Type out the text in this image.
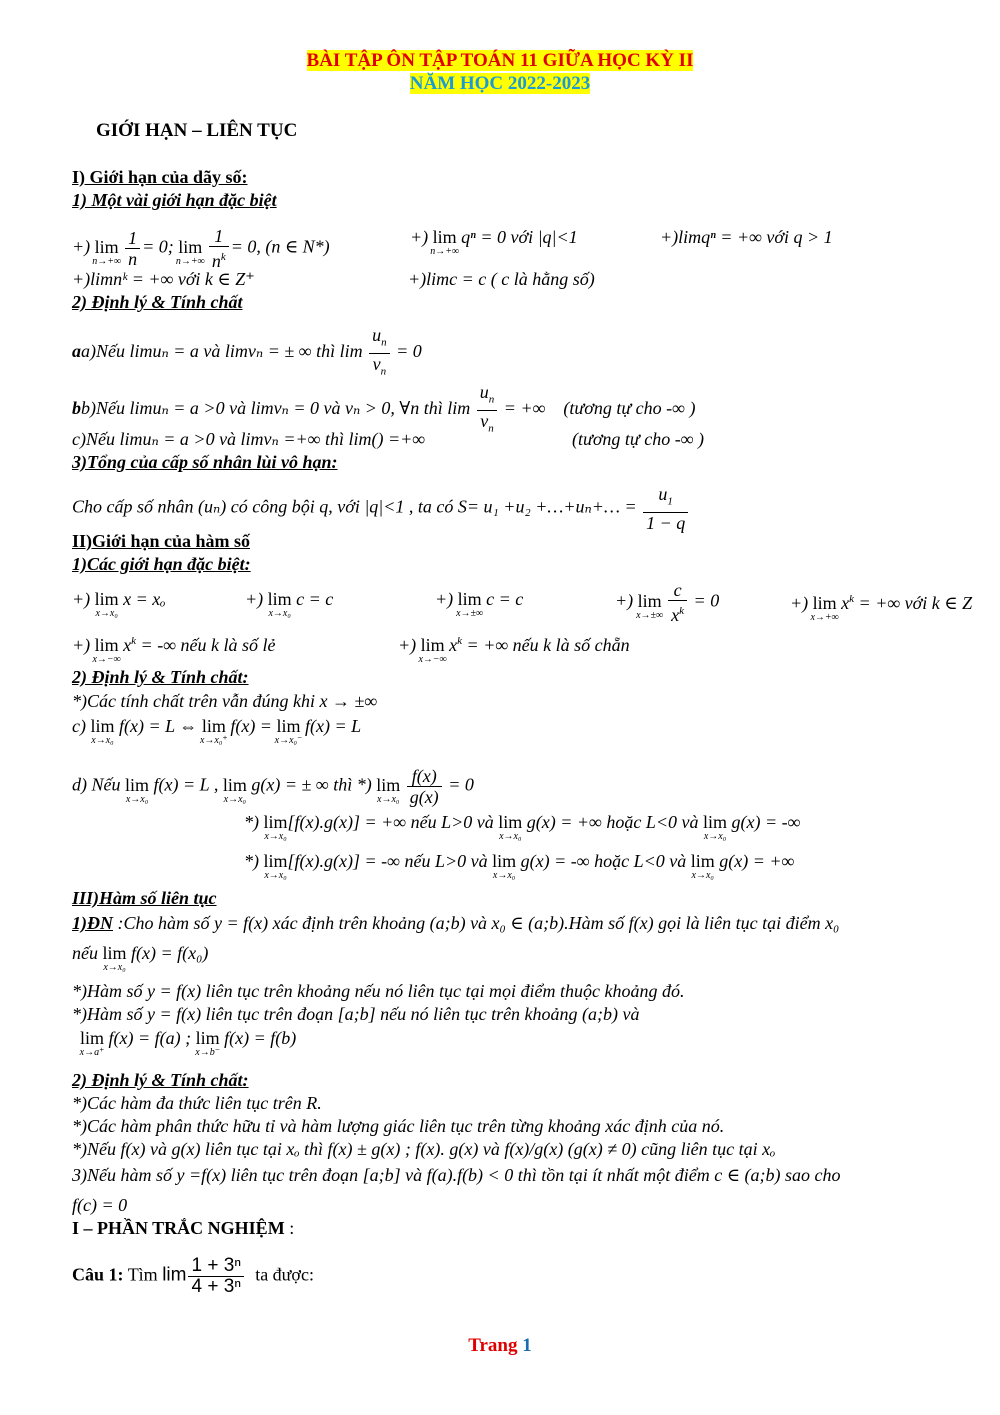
BÀI TẬP ÔN TẬP TOÁN 11 GIỮA HỌC KỲ II
NĂM HỌC 2022-2023
GIỚI HẠN – LIÊN TỤC
I) Giới hạn của dãy số:
1) Một vài giới hạn đặc biệt
+) lim
n→+∞
$\frac{1}{n} = 0$; lim
n→+∞
$\frac{1}{n^k} = 0$, (n ∈ N*)	+) lim
n→+∞
qⁿ = 0 với |q|<1	+)limqⁿ = +∞ với q > 1
+)limnᵏ = +∞ với k ∈ Z⁺	+)limc = c ( c là hằng số)
2) Định lý & Tính chất
aa)Nếu limuₙ = a và limvₙ = ± ∞ thì $\lim \frac{u_n}{v_n} = 0$
bb)Nếu limuₙ = a >0 và limvₙ = 0 và vₙ > 0, ∀n thì $\lim \frac{u_n}{v_n}$ = +∞    (tương tự cho -∞ )
c)Nếu limuₙ = a >0 và limvₙ =+∞ thì lim() =+∞	(tương tự cho -∞ )
3)Tổng của cấp số nhân lùi vô hạn:
Cho cấp số nhân (uₙ) có công bội q, với |q|<1 , ta có S= u₁ +u₂ +…+uₙ+… = $\frac{u_1}{1 - q}$
II)Giới hạn của hàm số
1)Các giới hạn đặc biệt:
+) lim
x→x₀
x = xₒ	+) lim
x→x₀
c = c	+) lim
x→±∞
c = c	+) lim
x→±∞
$\frac{c}{x^k} = 0$	+) lim
x→+∞
$x^k$ = +∞ với k ∈ Z
+) lim
x→−∞
$x^k$ = -∞ nếu k là số lẻ	+) lim
x→−∞
$x^k$ = +∞ nếu k là số chẵn
2) Định lý & Tính chất:
*)Các tính chất trên vẫn đúng khi x → ±∞
c) lim
x→x₀
f(x) = L ⇔ lim
x→x₀⁺
f(x) = lim
x→x₀⁻
f(x) = L
d) Nếu lim
x→x₀
f(x) = L , lim
x→x₀
g(x) = ± ∞ thì *) lim
x→x₀
$\frac{f(x)}{g(x)} = 0$
*) lim
x→x₀
[f(x).g(x)] = +∞ nếu L>0 và lim
x→x₀
g(x) = +∞ hoặc L<0 và lim
x→x₀
g(x) = -∞
*) lim
x→x₀
[f(x).g(x)] = -∞ nếu L>0 và lim
x→x₀
g(x) = -∞ hoặc L<0 và lim
x→x₀
g(x) = +∞
III)Hàm số liên tục
1)ĐN :Cho hàm số y = f(x) xác định trên khoảng (a;b) và x₀ ∈ (a;b).Hàm số f(x) gọi là liên tục tại điểm x₀
nếu lim
x→x₀
f(x) = f(x₀)
*)Hàm số y = f(x) liên tục trên khoảng nếu nó liên tục tại mọi điểm thuộc khoảng đó.
*)Hàm số y = f(x) liên tục trên đoạn [a;b] nếu nó liên tục trên khoảng (a;b) và
lim
x→a⁺
f(x) = f(a) ; lim
x→b⁻
f(x) = f(b)
2) Định lý & Tính chất:
*)Các hàm đa thức liên tục trên R.
*)Các hàm phân thức hữu tỉ và hàm lượng giác liên tục trên từng khoảng xác định của nó.
*)Nếu f(x) và g(x) liên tục tại xₒ thì f(x) ± g(x) ; f(x). g(x) và f(x)/g(x) (g(x) ≠ 0) cũng liên tục tại xₒ
3)Nếu hàm số y =f(x) liên tục trên đoạn [a;b] và f(a).f(b) < 0 thì tồn tại ít nhất một điểm c ∈ (a;b) sao cho
f(c) = 0
I – PHẦN TRẮC NGHIỆM :
Câu 1: Tìm $\lim \frac{\text{1 + 3ⁿ}}{\text{4 + 3ⁿ}}$ ta được:
Trang 1
